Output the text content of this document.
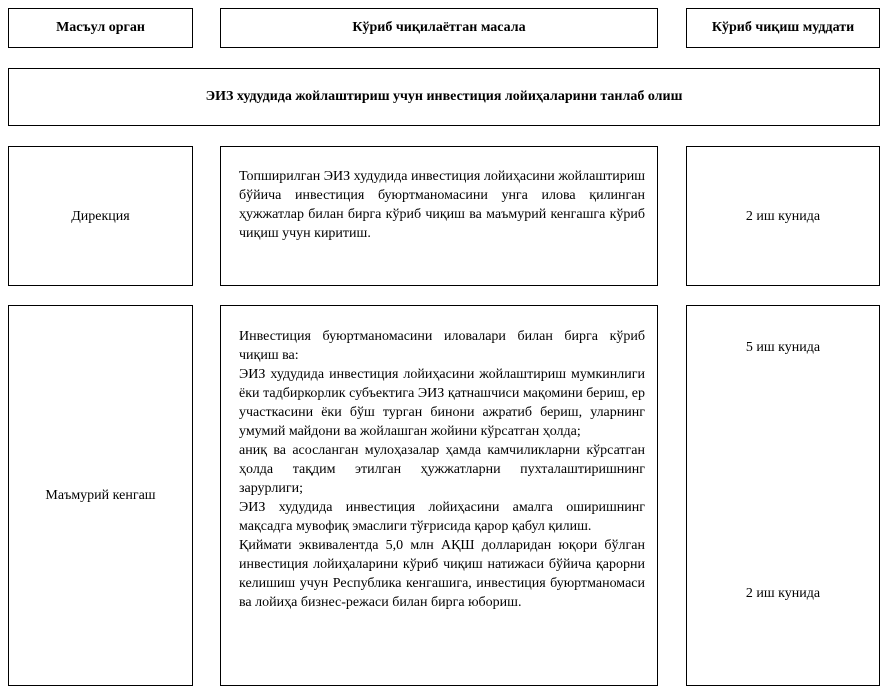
Масъул орган	Кўриб чиқилаётган масала	Кўриб чиқиш муддати
ЭИЗ худудида жойлаштириш учун инвестиция лойиҳаларини танлаб олиш
Дирекция

Топширилган ЭИЗ худудида инвестиция лойиҳасини жойлаштириш бўйича инвестиция буюртманомасини унга илова қилинган ҳужжатлар билан бирга кўриб чиқиш ва маъмурий кенгашга кўриб чиқиш учун киритиш.

2 иш кунида
Маъмурий кенгаш

Инвестиция буюртманомасини иловалари билан бирга кўриб чиқиш ва:

ЭИЗ худудида инвестиция лойиҳасини жойлаштириш мумкинлиги ёки тадбиркорлик субъектига ЭИЗ қатнашчиси мақомини бериш, ер участкасини ёки бўш турган бинони ажратиб бериш, уларнинг умумий майдони ва жойлашган жойини кўрсатган ҳолда;

аниқ ва асосланган мулоҳазалар ҳамда камчиликларни кўрсатган ҳолда тақдим этилган ҳужжатларни пухталаштиришнинг зарурлиги;

ЭИЗ худудида инвестиция лойиҳасини амалга оширишнинг мақсадга мувофиқ эмаслиги тўғрисида қарор қабул қилиш.

Қиймати эквивалентда 5,0 млн АҚШ долларидан юқори бўлган инвестиция лойиҳаларини кўриб чиқиш натижаси бўйича қарорни келишиш учун Республика кенгашига, инвестиция буюртманомаси ва лойиҳа бизнес-режаси билан бирга юбориш.

5 иш кунида
2 иш кунида
